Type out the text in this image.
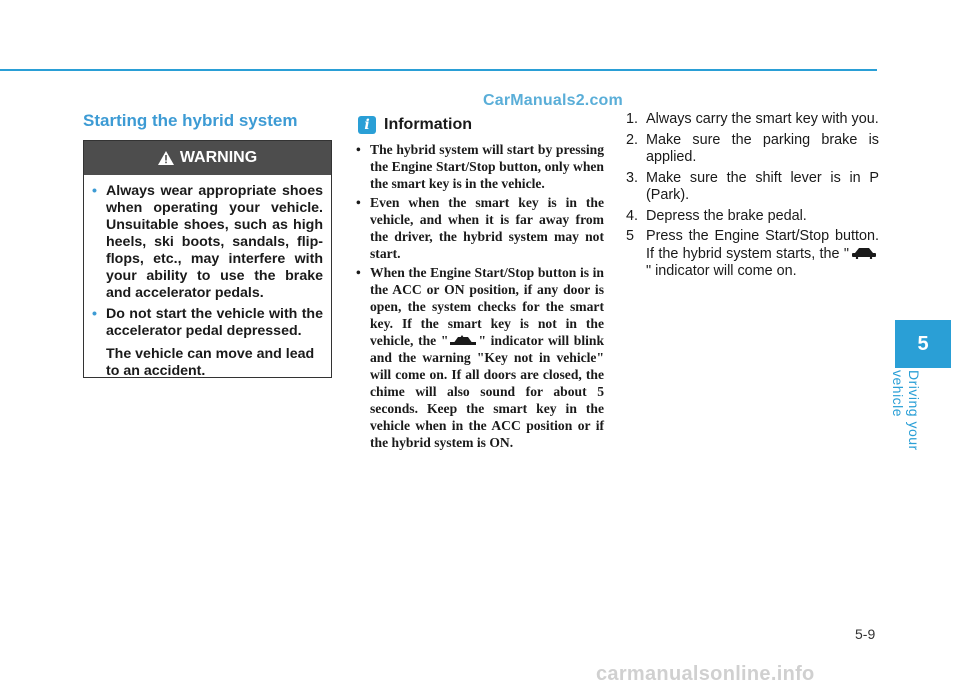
CarManuals2.com
Starting the hybrid system
WARNING
• Always wear appropriate shoes when operating your vehicle. Unsuitable shoes, such as high heels, ski boots, sandals, flip-flops, etc., may interfere with your ability to use the brake and accelerator pedals.
• Do not start the vehicle with the accelerator pedal depressed.
The vehicle can move and lead to an accident.
i Information
• The hybrid system will start by pressing the Engine Start/Stop button, only when the smart key is in the vehicle.
• Even when the smart key is in the vehicle, and when it is far away from the driver, the hybrid system may not start.
• When the Engine Start/Stop button is in the ACC or ON position, if any door is open, the system checks for the smart key. If the smart key is not in the vehicle, the " " indicator will blink and the warning "Key not in vehicle" will come on. If all doors are closed, the chime will also sound for about 5 seconds. Keep the smart key in the vehicle when in the ACC position or if the hybrid system is ON.
1. Always carry the smart key with you.
2. Make sure the parking brake is applied.
3. Make sure the shift lever is in P (Park).
4. Depress the brake pedal.
5 Press the Engine Start/Stop button. If the hybrid system starts, the "" indicator will come on.
5
Driving your vehicle
5-9
carmanualsonline.info
